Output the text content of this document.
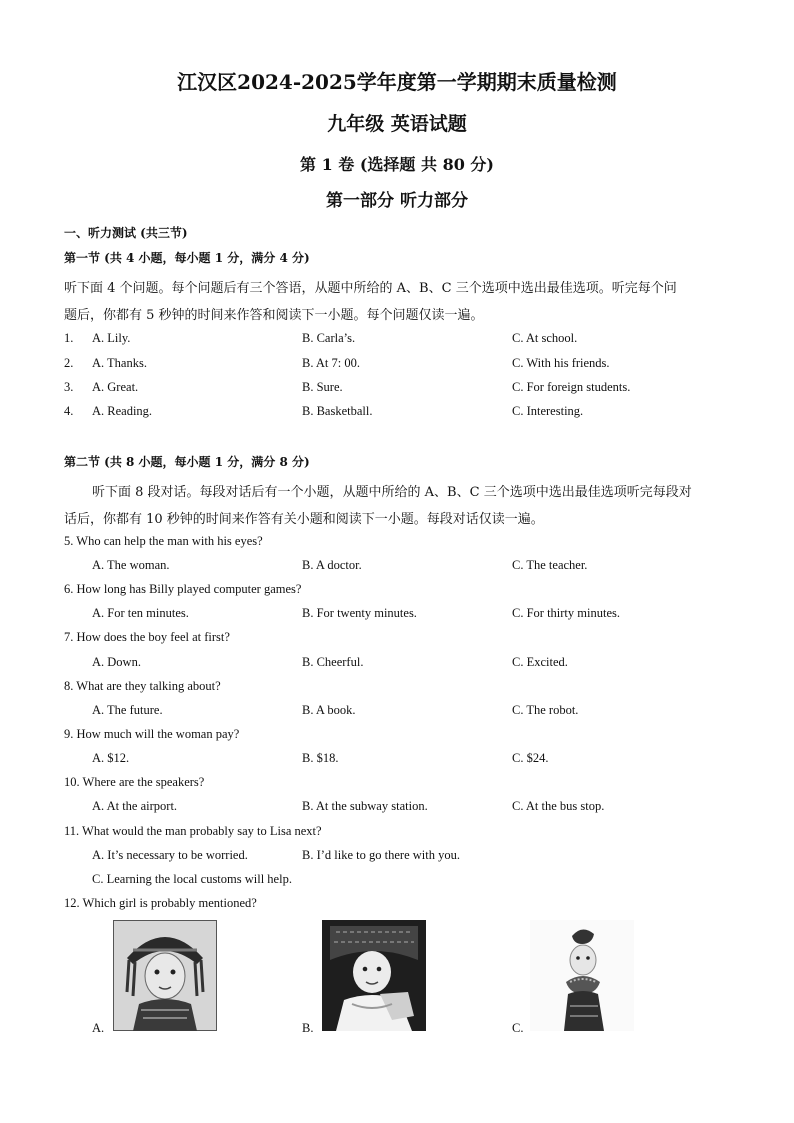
江汉区2024-2025学年度第一学期期末质量检测
九年级 英语试题
第 1 卷 (选择题 共 80 分)
第一部分 听力部分
一、听力测试 (共三节)
第一节 (共 4 小题，每小题 1 分，满分 4 分)
听下面 4 个问题。每个问题后有三个答语，从题中所给的 A、B、C 三个选项中选出最佳选项。听完每个问
题后，你都有 5 秒钟的时间来作答和阅读下一小题。每个问题仅读一遍。
1. A. Lily.	B. Carla’s.	C. At school.
2. A. Thanks.	B. At 7: 00.	C. With his friends.
3. A. Great.	B. Sure.	C. For foreign students.
4. A. Reading.	B. Basketball.	C. Interesting.
第二节 (共 8 小题，每小题 1 分，满分 8 分)
听下面 8 段对话。每段对话后有一个小题，从题中所给的 A、B、C 三个选项中选出最佳选项听完每段对
话后，你都有 10 秒钟的时间来作答有关小题和阅读下一小题。每段对话仅读一遍。
5. Who can help the man with his eyes?
A. The woman.	B. A doctor.	C. The teacher.
6. How long has Billy played computer games?
A. For ten minutes.	B. For twenty minutes.	C. For thirty minutes.
7. How does the boy feel at first?
A. Down.	B. Cheerful.	C. Excited.
8. What are they talking about?
A. The future.	B. A book.	C. The robot.
9. How much will the woman pay?
A. $12.	B. $18.	C. $24.
10. Where are the speakers?
A. At the airport.	B. At the subway station.	C. At the bus stop.
11. What would the man probably say to Lisa next?
A. It’s necessary to be worried.	B. I’d like to go there with you.
C. Learning the local customs will help.
12. Which girl is probably mentioned?
A.	B.	C.
